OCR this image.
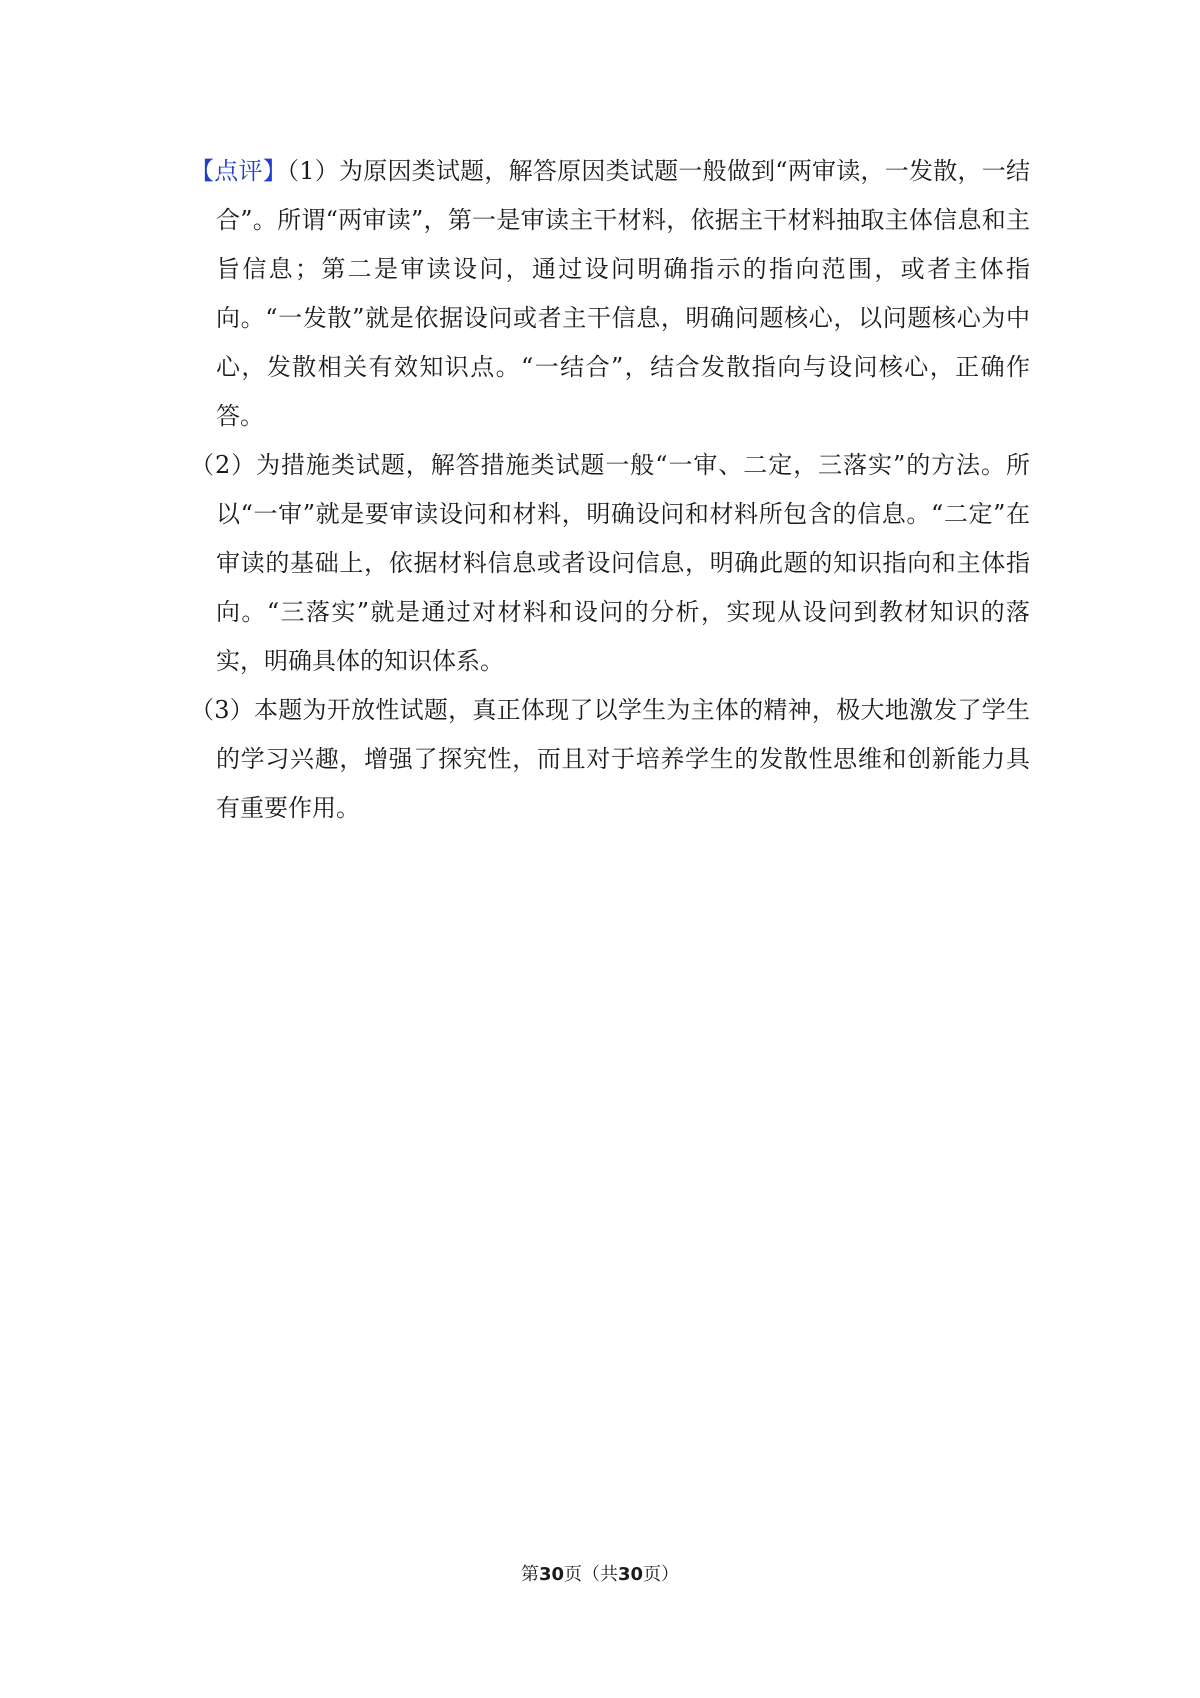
【点评】（1）为原因类试题，解答原因类试题一般做到“两审读，一发散，一结合”。所谓“两审读”，第一是审读主干材料，依据主干材料抽取主体信息和主旨信息；第二是审读设问，通过设问明确指示的指向范围，或者主体指向。“一发散”就是依据设问或者主干信息，明确问题核心，以问题核心为中心，发散相关有效知识点。“一结合”，结合发散指向与设问核心，正确作答。

（2）为措施类试题，解答措施类试题一般“一审、二定，三落实”的方法。所以“一审”就是要审读设问和材料，明确设问和材料所包含的信息。“二定”在审读的基础上，依据材料信息或者设问信息，明确此题的知识指向和主体指向。“三落实”就是通过对材料和设问的分析，实现从设问到教材知识的落实，明确具体的知识体系。

（3）本题为开放性试题，真正体现了以学生为主体的精神，极大地激发了学生的学习兴趣，增强了探究性，而且对于培养学生的发散性思维和创新能力具有重要作用。

第30页（共30页）
